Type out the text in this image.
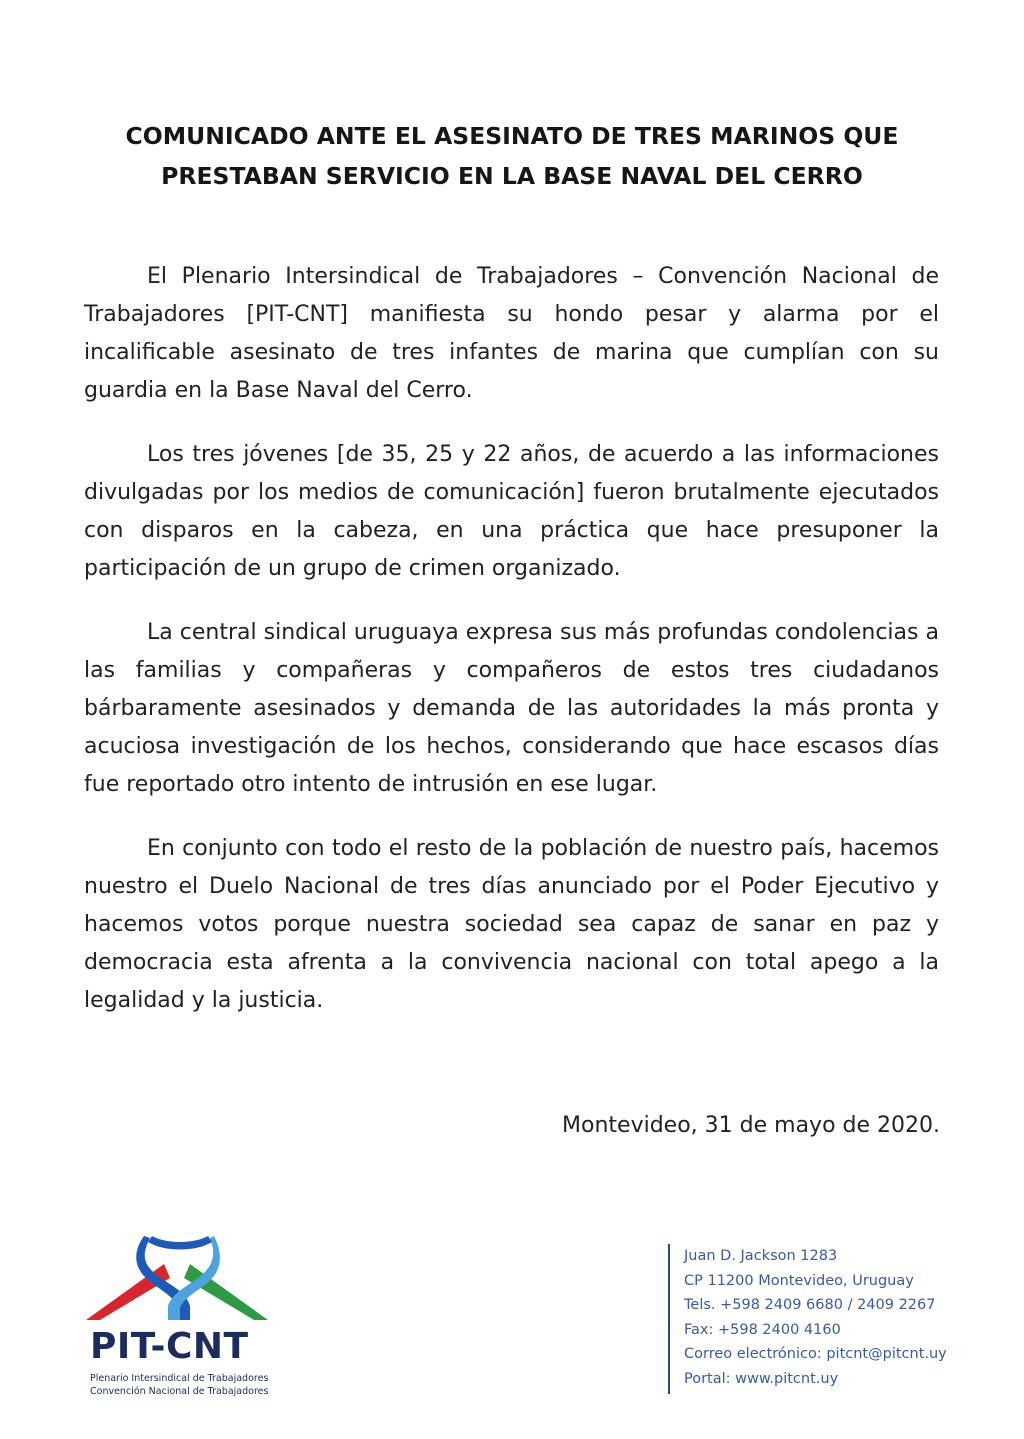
COMUNICADO ANTE EL ASESINATO DE TRES MARINOS QUE
PRESTABAN SERVICIO EN LA BASE NAVAL DEL CERRO

El Plenario Intersindical de Trabajadores – Convención Nacional de Trabajadores [PIT-CNT] manifiesta su hondo pesar y alarma por el incalificable asesinato de tres infantes de marina que cumplían con su guardia en la Base Naval del Cerro.

Los tres jóvenes [de 35, 25 y 22 años, de acuerdo a las informaciones divulgadas por los medios de comunicación] fueron brutalmente ejecutados con disparos en la cabeza, en una práctica que hace presuponer la participación de un grupo de crimen organizado.

La central sindical uruguaya expresa sus más profundas condolencias a las familias y compañeras y compañeros de estos tres ciudadanos bárbaramente asesinados y demanda de las autoridades la más pronta y acuciosa investigación de los hechos, considerando que hace escasos días fue reportado otro intento de intrusión en ese lugar.

En conjunto con todo el resto de la población de nuestro país, hacemos nuestro el Duelo Nacional de tres días anunciado por el Poder Ejecutivo y hacemos votos porque nuestra sociedad sea capaz de sanar en paz y democracia esta afrenta a la convivencia nacional con total apego a la legalidad y la justicia.

Montevideo, 31 de mayo de 2020.
PIT-CNT
Plenario Intersindical de Trabajadores
Convención Nacional de Trabajadores
Juan D. Jackson 1283
CP 11200 Montevideo, Uruguay
Tels. +598 2409 6680 / 2409 2267
Fax: +598 2400 4160
Correo electrónico: pitcnt@pitcnt.uy
Portal: www.pitcnt.uy
